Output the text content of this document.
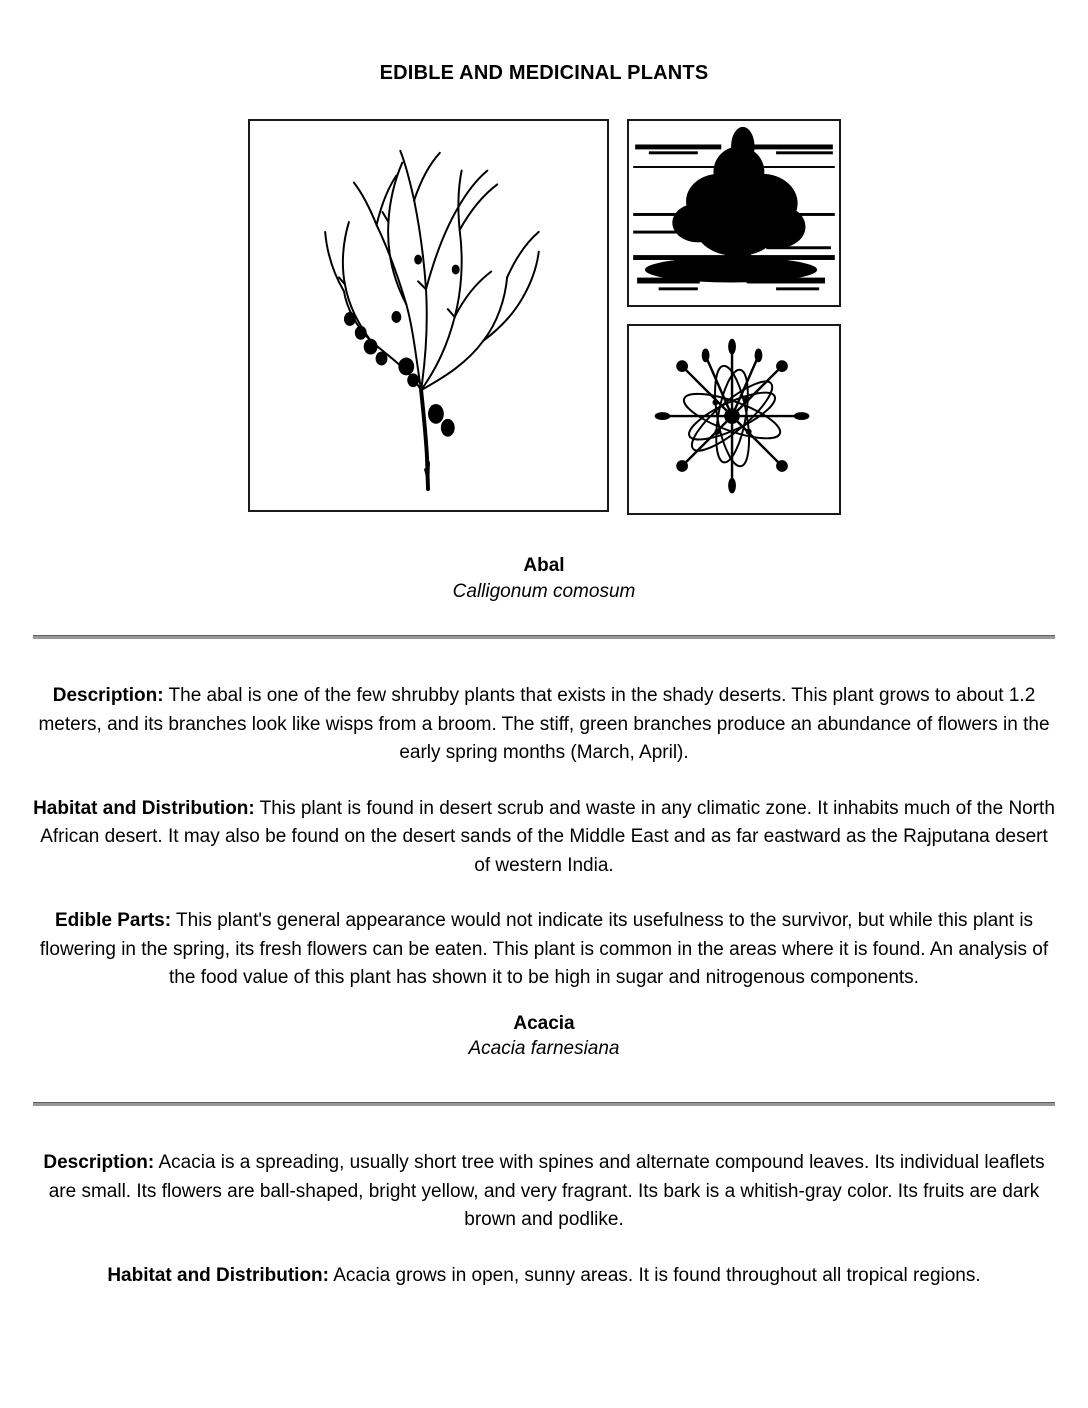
EDIBLE AND MEDICINAL PLANTS
Abal
Calligonum comosum

Description: The abal is one of the few shrubby plants that exists in the shady deserts. This plant grows to about 1.2 meters, and its branches look like wisps from a broom. The stiff, green branches produce an abundance of flowers in the early spring months (March, April).

Habitat and Distribution: This plant is found in desert scrub and waste in any climatic zone. It inhabits much of the North African desert. It may also be found on the desert sands of the Middle East and as far eastward as the Rajputana desert of western India.

Edible Parts: This plant's general appearance would not indicate its usefulness to the survivor, but while this plant is flowering in the spring, its fresh flowers can be eaten. This plant is common in the areas where it is found. An analysis of the food value of this plant has shown it to be high in sugar and nitrogenous components.

Acacia
Acacia farnesiana

Description: Acacia is a spreading, usually short tree with spines and alternate compound leaves. Its individual leaflets are small. Its flowers are ball-shaped, bright yellow, and very fragrant. Its bark is a whitish-gray color. Its fruits are dark brown and podlike.

Habitat and Distribution: Acacia grows in open, sunny areas. It is found throughout all tropical regions.
